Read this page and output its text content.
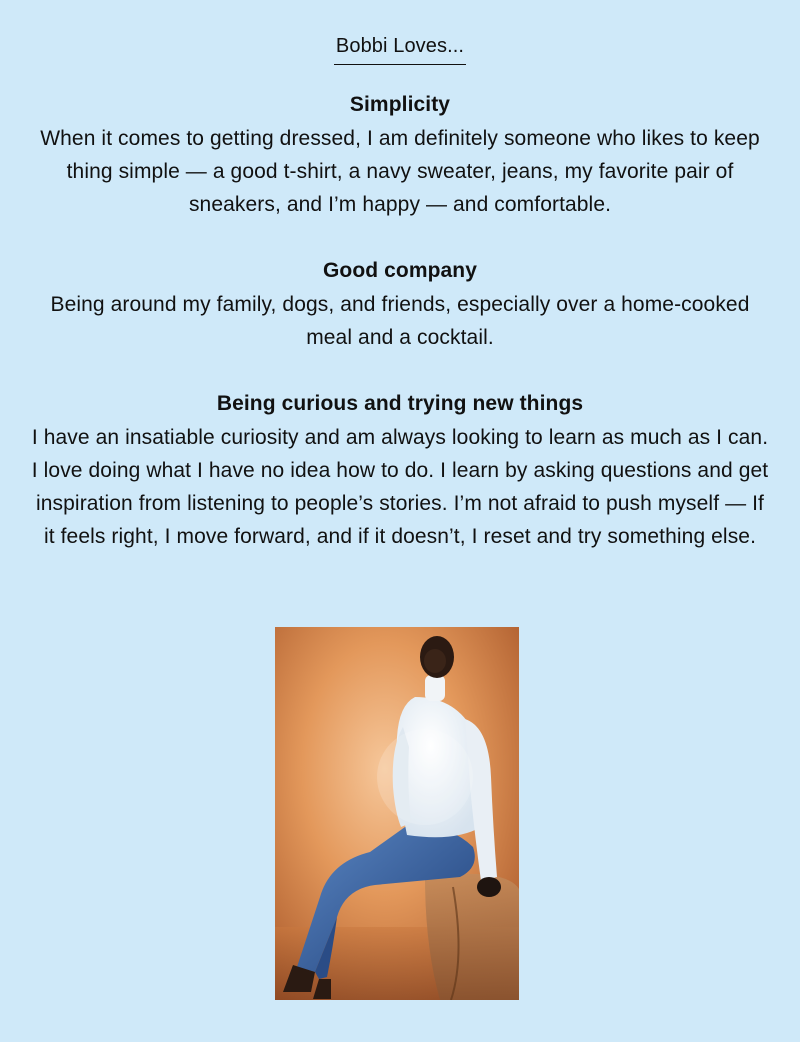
Bobbi Loves...

Simplicity

When it comes to getting dressed, I am definitely someone who likes to keep thing simple — a good t-shirt, a navy sweater, jeans, my favorite pair of sneakers, and I’m happy — and comfortable.

Good company

Being around my family, dogs, and friends, especially over a home-cooked meal and a cocktail.

Being curious and trying new things

I have an insatiable curiosity and am always looking to learn as much as I can. I love doing what I have no idea how to do. I learn by asking questions and get inspiration from listening to people’s stories. I’m not afraid to push myself — If it feels right, I move forward, and if it doesn’t, I reset and try something else.
